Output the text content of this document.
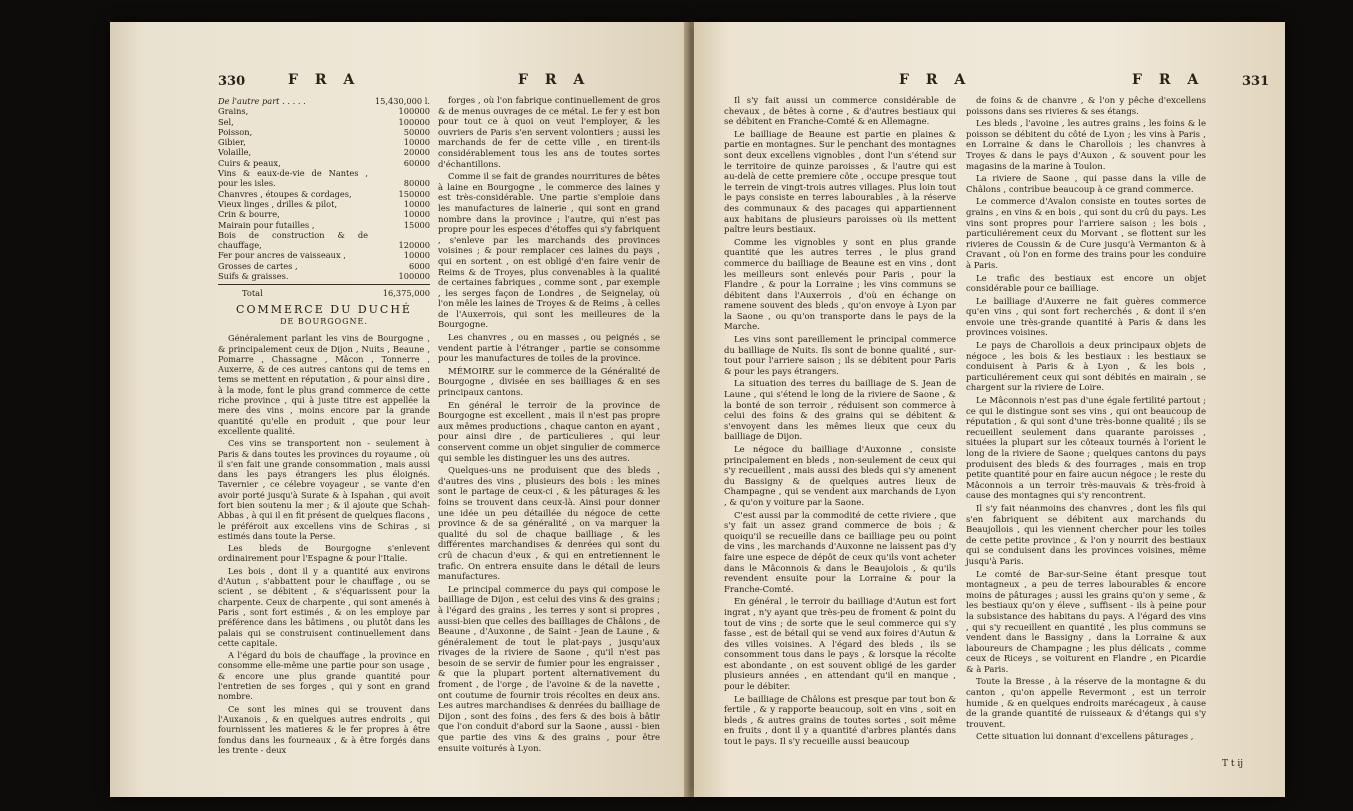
330	F R A	F R A
De l'autre part . . . . .	15,430,000 l.
Grains,	100000
Sel,	100000
Poisson,	50000
Gibier,	10000
Volaille,	20000
Cuirs & peaux,	60000
Vins & eaux-de-vie de Nantes , pour les isles.	80000
Chanvres , étoupes & cordages,	150000
Vieux linges , drilles & pilot,	10000
Crin & bourre,	10000
Mairain pour futailles ,	15000
Bois de construction & de chauffage,	120000
Fer pour ancres de vaisseaux ,	10000
Grosses de cartes ,	6000
Suifs & graisses.	100000
Total	16,375,000
COMMERCE DU DUCHÉ
DE BOURGOGNE.

Généralement parlant les vins de Bourgogne , & principalement ceux de Dijon , Nuits , Beaune , Pomarre , Chassagne , Mâcon , Tonnerre , Auxerre, & de ces autres cantons qui de tems en tems se mettent en réputation , & pour ainsi dire , à la mode, font le plus grand commerce de cette riche province , qui à juste titre est appellée la mere des vins , moins encore par la grande quantité qu'elle en produit , que pour leur excellente qualité.

Ces vins se transportent non - seulement à Paris & dans toutes les provinces du royaume , où il s'en fait une grande consommation , mais aussi dans les pays étrangers les plus éloignés. Tavernier , ce célebre voyageur , se vante d'en avoir porté jusqu'à Surate & à Ispahan , qui avoit fort bien soutenu la mer ; & il ajoute que Schah-Abbas , à qui il en fit présent de quelques flacons , le préféroit aux excellens vins de Schiras , si estimés dans toute la Perse.

Les bleds de Bourgogne s'enlevent ordinairement pour l'Espagne & pour l'Italie.

Les bois , dont il y a quantité aux environs d'Autun , s'abbattent pour le chauffage , ou se scient , se débitent , & s'équarissent pour la charpente. Ceux de charpente , qui sont amenés à Paris , sont fort estimés , & on les employe par préférence dans les bâtimens , ou plutôt dans les palais qui se construisent continuellement dans cette capitale.

A l'égard du bois de chauffage , la province en consomme elle-même une partie pour son usage , & encore une plus grande quantité pour l'entretien de ses forges , qui y sont en grand nombre.

Ce sont les mines qui se trouvent dans l'Auxanois , & en quelques autres endroits , qui fournissent les matieres & le fer propres à être fondus dans les fourneaux , & à être forgés dans les trente - deux

forges , où l'on fabrique continuellement de gros & de menus ouvrages de ce métal. Le fer y est bon pour tout ce à quoi on veut l'employer, & les ouvriers de Paris s'en servent volontiers ; aussi les marchands de fer de cette ville , en tirent-ils considérablement tous les ans de toutes sortes d'échantillons.

Comme il se fait de grandes nourritures de bêtes à laine en Bourgogne , le commerce des laines y est très-considérable. Une partie s'emploie dans les manufactures de lainerie , qui sont en grand nombre dans la province ; l'autre, qui n'est pas propre pour les especes d'étoffes qui s'y fabriquent , s'enleve par les marchands des provinces voisines ; & pour remplacer ces laines du pays , qui en sortent , on est obligé d'en faire venir de Reims & de Troyes, plus convenables à la qualité de certaines fabriques , comme sont , par exemple , les serges façon de Londres , de Seignelay, où l'on mêle les laines de Troyes & de Reims , à celles de l'Auxerrois, qui sont les meilleures de la Bourgogne.

Les chanvres , ou en masses , ou peignés , se vendent partie à l'étranger , partie se consomme pour les manufactures de toiles de la province.

MÉMOIRE sur le commerce de la Généralité de Bourgogne , divisée en ses bailliages & en ses principaux cantons.

En général le terroir de la province de Bourgogne est excellent , mais il n'est pas propre aux mêmes productions , chaque canton en ayant , pour ainsi dire , de particulieres , qui leur conservent comme un objet singulier de commerce qui semble les distinguer les uns des autres.

Quelques-uns ne produisent que des bleds , d'autres des vins , plusieurs des bois : les mines sont le partage de ceux-ci , & les pâturages & les foins se trouvent dans ceux-là. Ainsi pour donner une idée un peu détaillée du négoce de cette province & de sa généralité , on va marquer la qualité du sol de chaque bailliage , & les différentes marchandises & denrées qui sont du crû de chacun d'eux , & qui en entretiennent le trafic. On entrera ensuite dans le détail de leurs manufactures.

Le principal commerce du pays qui compose le bailliage de Dijon , est celui des vins & des grains ; à l'égard des grains , les terres y sont si propres , aussi-bien que celles des bailliages de Châlons , de Beaune , d'Auxonne , de Saint - Jean de Laune , & généralement de tout le plat-pays , jusqu'aux rivages de la riviere de Saone , qu'il n'est pas besoin de se servir de fumier pour les engraisser , & que la plupart portent alternativement du froment , de l'orge , de l'avoine & de la navette , ont coutume de fournir trois récoltes en deux ans. Les autres marchandises & denrées du bailliage de Dijon , sont des foins , des fers & des bois à bâtir que l'on conduit d'abord sur la Saone , aussi - bien que partie des vins & des grains , pour être ensuite voiturés à Lyon.

F R A	F R A	331

Il s'y fait aussi un commerce considérable de chevaux , de bêtes à corne , & d'autres bestiaux qui se débitent en Franche-Comté & en Allemagne.

Le bailliage de Beaune est partie en plaines & partie en montagnes. Sur le penchant des montagnes sont deux excellens vignobles , dont l'un s'étend sur le territoire de quinze paroisses , & l'autre qui est au-delà de cette premiere côte , occupe presque tout le terrein de vingt-trois autres villages. Plus loin tout le pays consiste en terres labourables , à la réserve des communaux & des pacages qui appartiennent aux habitans de plusieurs paroisses où ils mettent paître leurs bestiaux.

Comme les vignobles y sont en plus grande quantité que les autres terres , le plus grand commerce du bailliage de Beaune est en vins , dont les meilleurs sont enlevés pour Paris , pour la Flandre , & pour la Lorraine ; les vins communs se débitent dans l'Auxerrois , d'où en échange on ramene souvent des bleds , qu'on envoye à Lyon par la Saone , ou qu'on transporte dans le pays de la Marche.

Les vins sont pareillement le principal commerce du bailliage de Nuits. Ils sont de bonne qualité , sur-tout pour l'arriere saison ; ils se débitent pour Paris & pour les pays étrangers.

La situation des terres du bailliage de S. Jean de Laune , qui s'étend le long de la riviere de Saone , & la bonté de son terroir , réduisent son commerce à celui des foins & des grains qui se débitent & s'envoyent dans les mêmes lieux que ceux du bailliage de Dijon.

Le négoce du bailliage d'Auxonne , consiste principalement en bleds , non-seulement de ceux qui s'y recueillent , mais aussi des bleds qui s'y amenent du Bassigny & de quelques autres lieux de Champagne , qui se vendent aux marchands de Lyon , & qu'on y voiture par la Saone.

C'est aussi par la commodité de cette riviere , que s'y fait un assez grand commerce de bois ; & quoiqu'il se recueille dans ce bailliage peu ou point de vins , les marchands d'Auxonne ne laissent pas d'y faire une espece de dépôt de ceux qu'ils vont acheter dans le Mâconnois & dans le Beaujolois , & qu'ils revendent ensuite pour la Lorraine & pour la Franche-Comté.

En général , le terroir du bailliage d'Autun est fort ingrat , n'y ayant que très-peu de froment & point du tout de vins ; de sorte que le seul commerce qui s'y fasse , est de bétail qui se vend aux foires d'Autun & des villes voisines. A l'égard des bleds , ils se consomment tous dans le pays , & lorsque la récolte est abondante , on est souvent obligé de les garder plusieurs années , en attendant qu'il en manque , pour le débiter.

Le bailliage de Châlons est presque par tout bon & fertile , & y rapporte beaucoup, soit en vins , soit en bleds , & autres grains de toutes sortes , soit même en fruits , dont il y a quantité d'arbres plantés dans tout le pays. Il s'y recueille aussi beaucoup

de foins & de chanvre , & l'on y pêche d'excellens poissons dans ses rivieres & ses étangs.

Les bleds , l'avoine , les autres grains , les foins & le poisson se débitent du côté de Lyon ; les vins à Paris , en Lorraine & dans le Charollois ; les chanvres à Troyes & dans le pays d'Auxon , & souvent pour les magasins de la marine à Toulon.

La riviere de Saone , qui passe dans la ville de Châlons , contribue beaucoup à ce grand commerce.

Le commerce d'Avalon consiste en toutes sortes de grains , en vins & en bois , qui sont du crû du pays. Les vins sont propres pour l'arriere saison ; les bois , particuliérement ceux du Morvant , se flottent sur les rivieres de Coussin & de Cure jusqu'à Vermanton & à Cravant , où l'on en forme des trains pour les conduire à Paris.

Le trafic des bestiaux est encore un objet considérable pour ce bailliage.

Le bailliage d'Auxerre ne fait guères commerce qu'en vins , qui sont fort recherchés , & dont il s'en envoie une très-grande quantité à Paris & dans les provinces voisines.

Le pays de Charollois a deux principaux objets de négoce , les bois & les bestiaux : les bestiaux se conduisent à Paris & à Lyon , & les bois , particuliérement ceux qui sont débités en mairain , se chargent sur la riviere de Loire.

Le Mâconnois n'est pas d'une égale fertilité partout ; ce qui le distingue sont ses vins , qui ont beaucoup de réputation , & qui sont d'une très-bonne qualité ; ils se recueillent seulement dans quarante paroisses , situées la plupart sur les côteaux tournés à l'orient le long de la riviere de Saone ; quelques cantons du pays produisent des bleds & des fourrages , mais en trop petite quantité pour en faire aucun négoce ; le reste du Mâconnois a un terroir très-mauvais & très-froid à cause des montagnes qui s'y rencontrent.

Il s'y fait néanmoins des chanvres , dont les fils qui s'en fabriquent se débitent aux marchands du Beaujollois , qui les viennent chercher pour les toiles de cette petite province , & l'on y nourrit des bestiaux qui se conduisent dans les provinces voisines, même jusqu'à Paris.

Le comté de Bar-sur-Seine étant presque tout montagneux , a peu de terres labourables & encore moins de pâturages ; aussi les grains qu'on y seme , & les bestiaux qu'on y éleve , suffisent - ils à peine pour la subsistance des habitans du pays. A l'égard des vins , qui s'y recueillent en quantité , les plus communs se vendent dans le Bassigny , dans la Lorraine & aux laboureurs de Champagne ; les plus délicats , comme ceux de Riceys , se voiturent en Flandre , en Picardie & à Paris.

Toute la Bresse , à la réserve de la montagne & du canton , qu'on appelle Revermont , est un terroir humide , & en quelques endroits marécageux , à cause de la grande quantité de ruisseaux & d'étangs qui s'y trouvent.

Cette situation lui donnant d'excellens pâturages ,

T t ij
